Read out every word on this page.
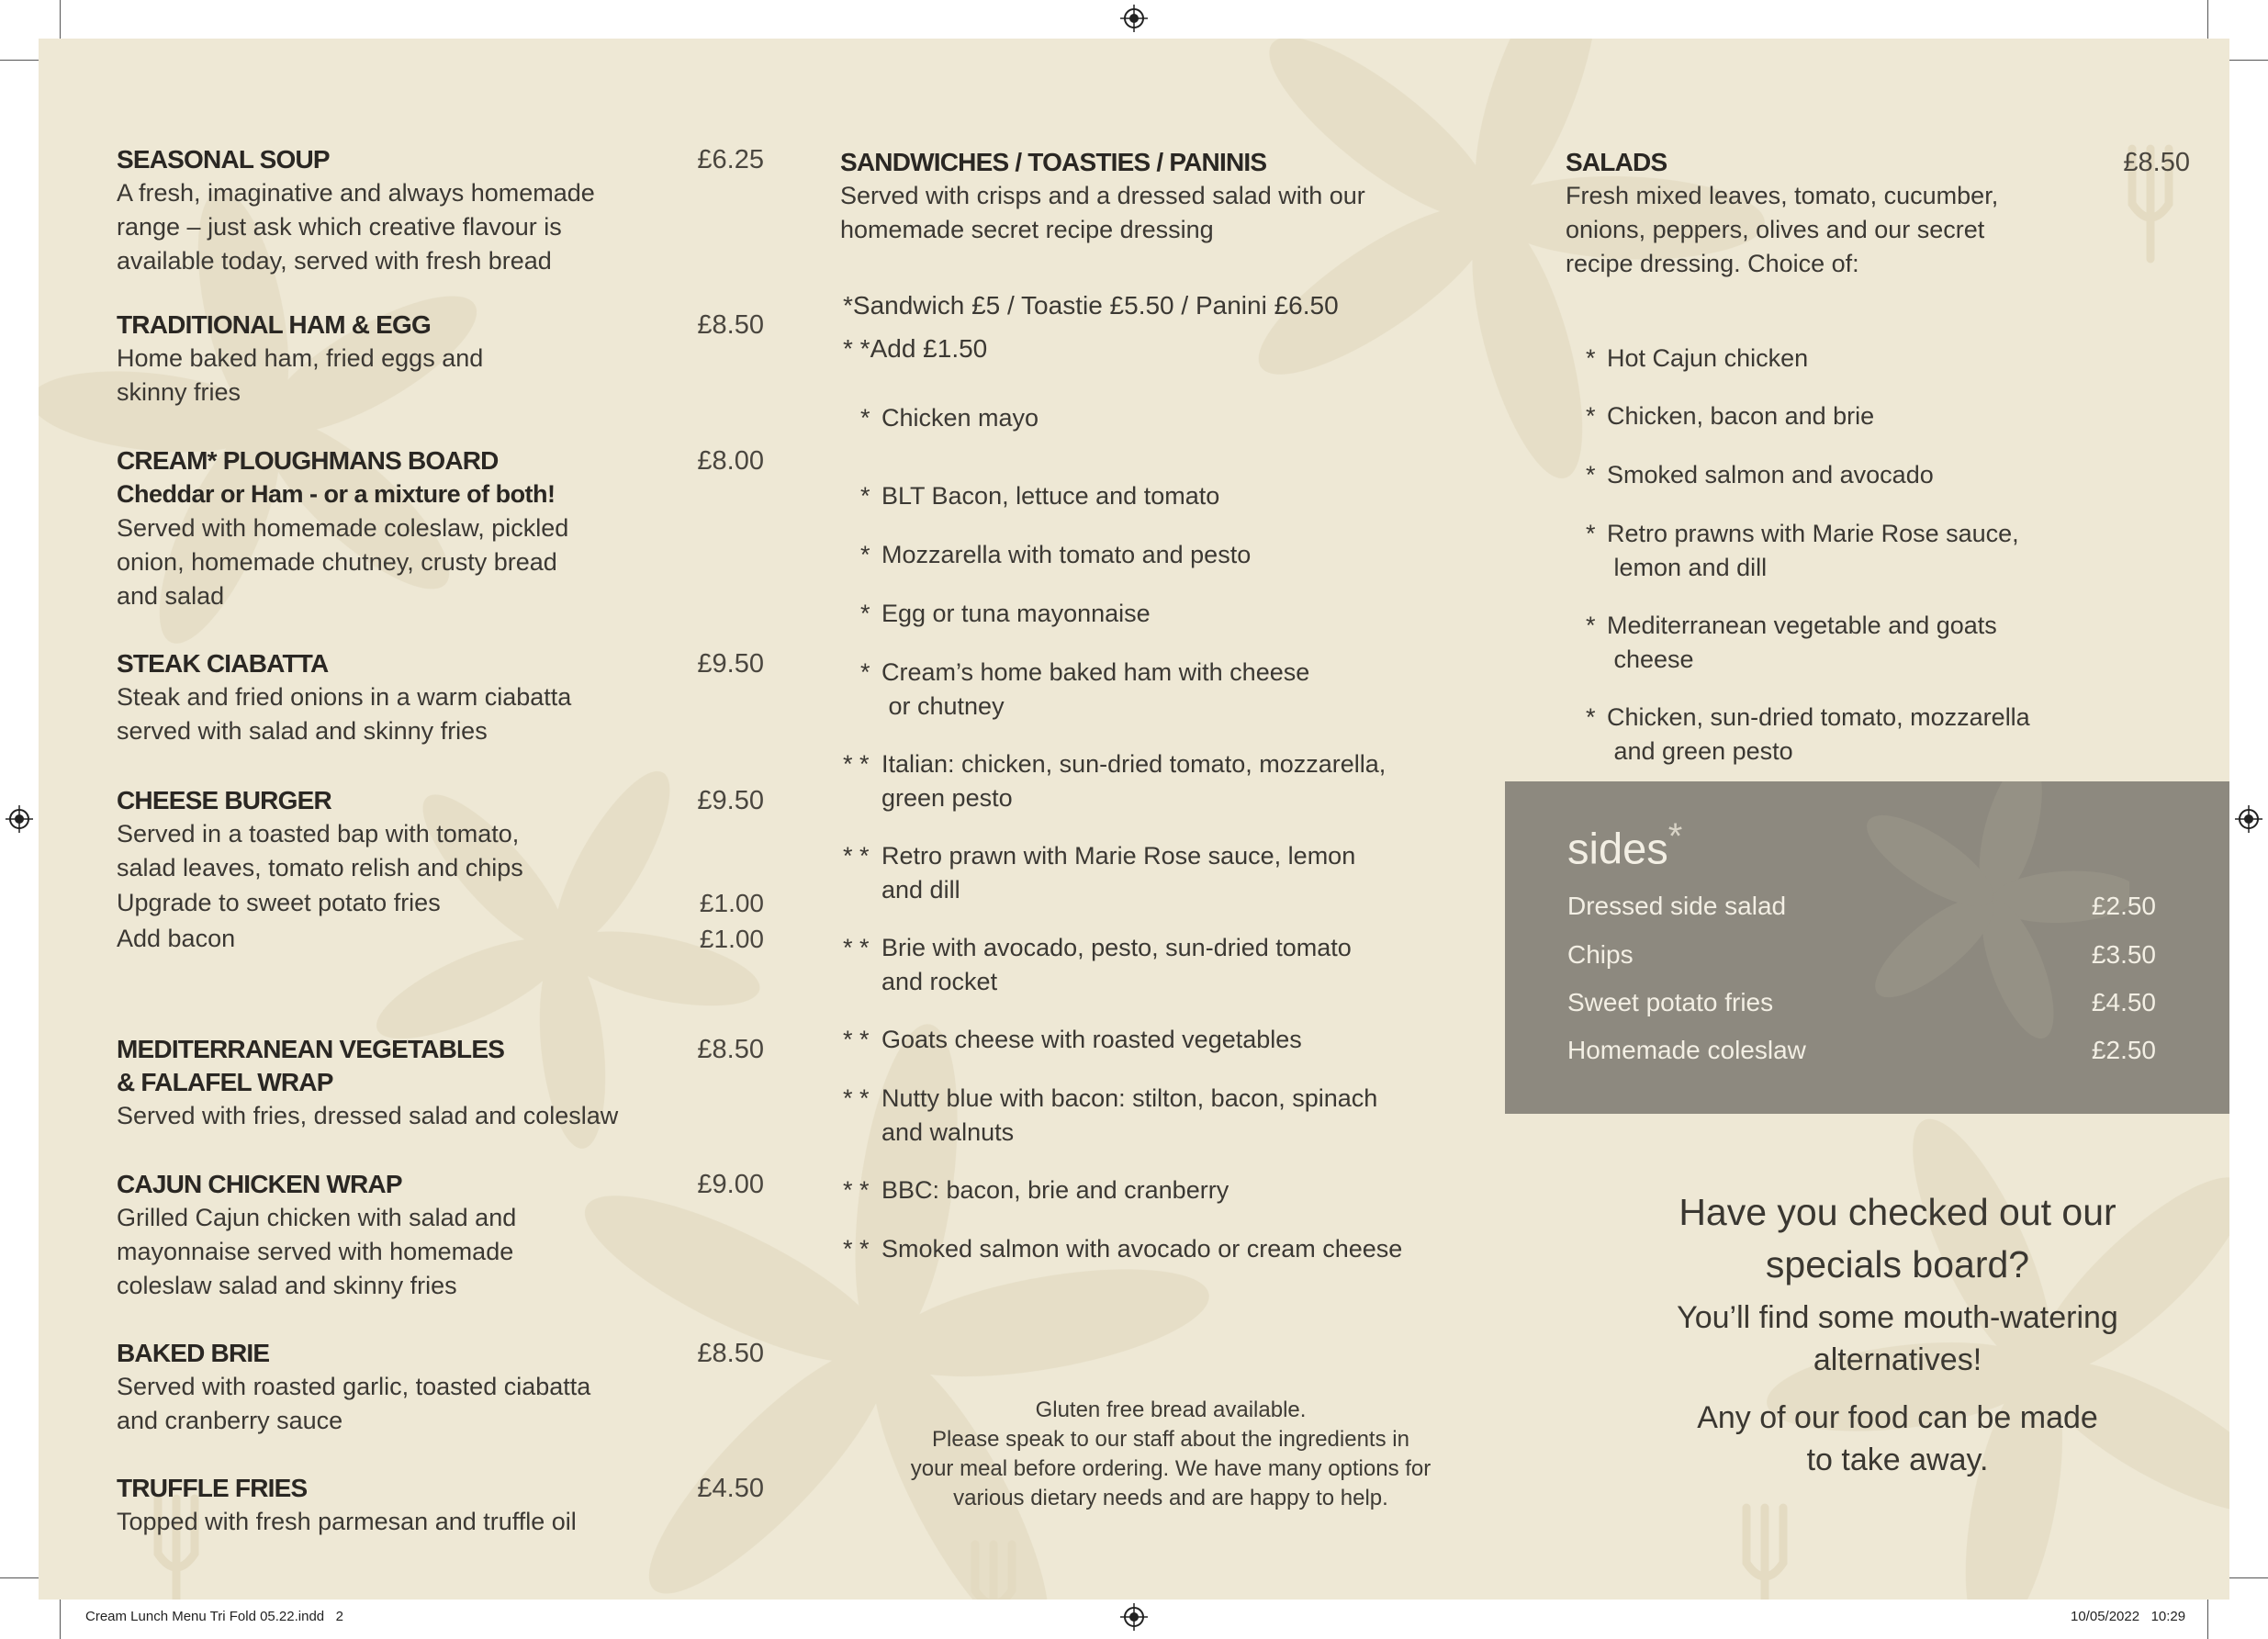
SEASONAL SOUP	£6.25
A fresh, imaginative and always homemade
range – just ask which creative flavour is
available today, served with fresh bread
TRADITIONAL HAM & EGG	£8.50
Home baked ham, fried eggs and
skinny fries
CREAM* PLOUGHMANS BOARD	£8.00
Cheddar or Ham - or a mixture of both!
Served with homemade coleslaw, pickled
onion, homemade chutney, crusty bread
and salad
STEAK CIABATTA	£9.50
Steak and fried onions in a warm ciabatta
served with salad and skinny fries
CHEESE BURGER	£9.50
Served in a toasted bap with tomato,
salad leaves, tomato relish and chips
Upgrade to sweet potato fries	£1.00
Add bacon	£1.00
MEDITERRANEAN VEGETABLES	£8.50
& FALAFEL WRAP
Served with fries, dressed salad and coleslaw
CAJUN CHICKEN WRAP	£9.00
Grilled Cajun chicken with salad and
mayonnaise served with homemade
coleslaw salad and skinny fries
BAKED BRIE	£8.50
Served with roasted garlic, toasted ciabatta
and cranberry sauce
TRUFFLE FRIES	£4.50
Topped with fresh parmesan and truffle oil
SANDWICHES / TOASTIES / PANINIS
Served with crisps and a dressed salad with our
homemade secret recipe dressing
*Sandwich £5 / Toastie £5.50 / Panini £6.50
* *Add £1.50
* Chicken mayo
* BLT Bacon, lettuce and tomato
* Mozzarella with tomato and pesto
* Egg or tuna mayonnaise
* Cream’s home baked ham with cheese
or chutney
* * Italian: chicken, sun-dried tomato, mozzarella,
green pesto
* * Retro prawn with Marie Rose sauce, lemon
and dill
* * Brie with avocado, pesto, sun-dried tomato
and rocket
* * Goats cheese with roasted vegetables
* * Nutty blue with bacon: stilton, bacon, spinach
and walnuts
* * BBC: bacon, brie and cranberry
* * Smoked salmon with avocado or cream cheese
Gluten free bread available.
Please speak to our staff about the ingredients in
your meal before ordering. We have many options for
various dietary needs and are happy to help.
SALADS	£8.50
Fresh mixed leaves, tomato, cucumber,
onions, peppers, olives and our secret
recipe dressing. Choice of:
* Hot Cajun chicken
* Chicken, bacon and brie
* Smoked salmon and avocado
* Retro prawns with Marie Rose sauce,
lemon and dill
* Mediterranean vegetable and goats
cheese
* Chicken, sun-dried tomato, mozzarella
and green pesto
sides*
Dressed side salad	£2.50
Chips	£3.50
Sweet potato fries	£4.50
Homemade coleslaw	£2.50
Have you checked out our
specials board?
You’ll find some mouth-watering
alternatives!
Any of our food can be made
to take away.
Cream Lunch Menu Tri Fold 05.22.indd   2	10/05/2022   10:29
